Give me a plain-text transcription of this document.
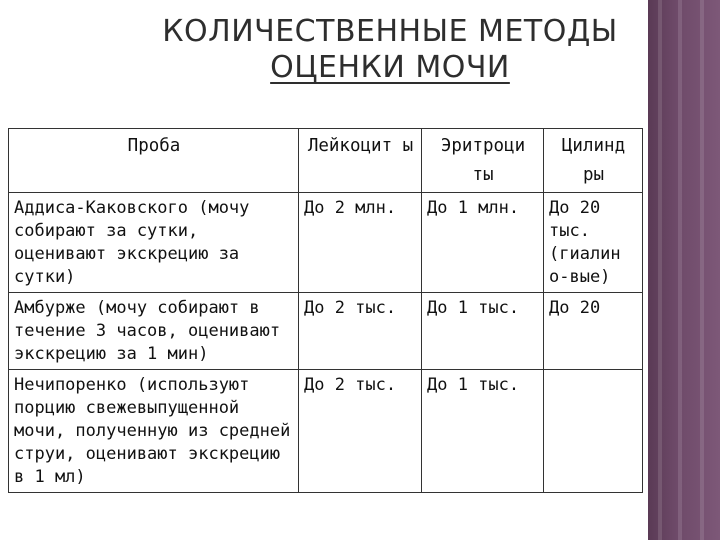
КОЛИЧЕСТВЕННЫЕ МЕТОДЫ
ОЦЕНКИ МОЧИ
Проба	Лейкоцит ы	Эритроци ты	Цилинд ры
Аддиса-Каковского (мочу собирают за сутки, оценивают экскрецию за сутки)	До 2 млн.	До 1 млн.	До 20 тыс. (гиалин о-вые)
Амбурже (мочу собирают в течение 3 часов, оценивают экскрецию за 1 мин)	До 2 тыс.	До 1 тыс.	До 20
Нечипоренко (используют порцию свежевыпущенной мочи, полученную из средней струи, оценивают экскрецию в 1 мл)	До 2 тыс.	До 1 тыс.	
